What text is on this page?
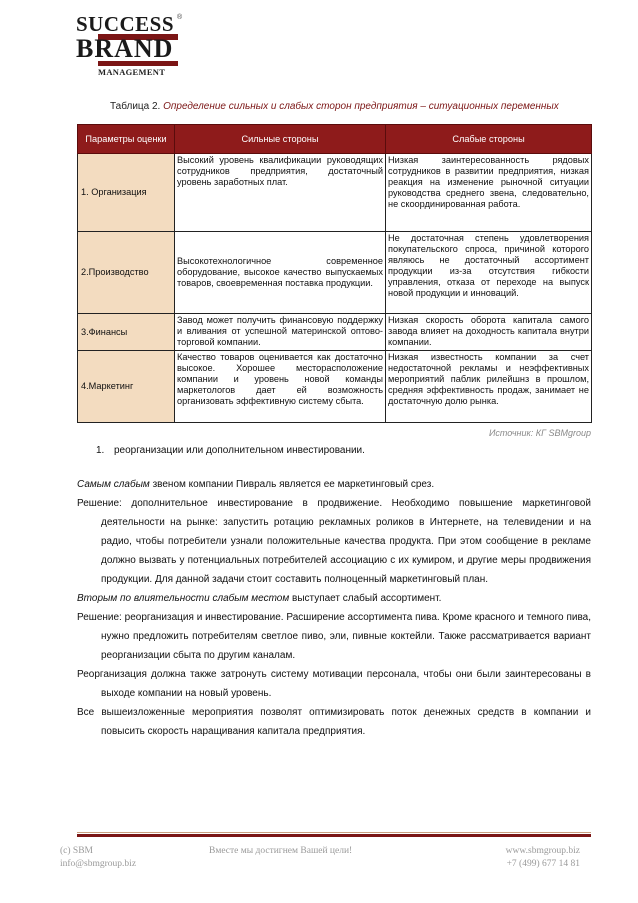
SUCCESS
BRAND
MANAGEMENT
®
Таблица 2. Определение сильных и слабых сторон предприятия – ситуационных переменных
Параметры оценки	Сильные стороны	Слабые стороны
1. Организация	Высокий уровень квалификации руководящих сотрудников предприятия, достаточный уровень заработных плат.	Низкая заинтересованность рядовых сотрудников в развитии предприятия, низкая реакция на изменение рыночной ситуации руководства среднего звена, следовательно, не скоординированная работа.
2.Производство	Высокотехнологичное современное оборудование, высокое качество выпускаемых товаров, своевременная поставка продукции.	Не достаточная степень удовлетворения покупательского спроса, причиной которого являюсь не достаточный ассортимент продукции из-за отсутствия гибкости управления, отказа от переходе на выпуск новой продукции и инноваций.
3.Финансы	Завод может получить финансовую поддержку и вливания от успешной материнской оптово-торговой компании.	Низкая скорость оборота капитала самого завода влияет на доходность капитала внутри компании.
4.Маркетинг	Качество товаров оценивается как достаточно высокое. Хорошее месторасположение компании и уровень новой команды маркетологов дает ей возможность организовать эффективную систему сбыта.	Низкая известность компании за счет недостаточной рекламы и неэффективных мероприятий паблик рилейшнз в прошлом, средняя эффективность продаж, занимает не достаточную долю рынка.
Источник: КГ SBMgroup
1. реорганизации или дополнительном инвестировании.
Самым слабым звеном компании Пивраль является ее маркетинговый срез.
Решение: дополнительное инвестирование в продвижение. Необходимо повышение маркетинговой деятельности на рынке: запустить ротацию рекламных роликов в Интернете, на телевидении и на радио, чтобы потребители узнали положительные качества продукта. При этом сообщение в рекламе должно вызвать у потенциальных потребителей ассоциацию с их кумиром, и другие меры продвижения продукции. Для данной задачи стоит составить полноценный маркетинговый план.
Вторым по влиятельности слабым местом выступает слабый ассортимент.
Решение: реорганизация и инвестирование. Расширение ассортимента пива. Кроме красного и темного пива, нужно предложить потребителям светлое пиво, эли, пивные коктейли. Также рассматривается вариант реорганизации сбыта по другим каналам.
Реорганизация должна также затронуть систему мотивации персонала, чтобы они были заинтересованы в выходе компании на новый уровень.
Все вышеизложенные мероприятия позволят оптимизировать поток денежных средств в компании и повысить скорость наращивания капитала предприятия.
(c) SBM
info@sbmgroup.biz
Вместе мы достигнем Вашей цели!	www.sbmgroup.biz
+7 (499) 677 14 81
